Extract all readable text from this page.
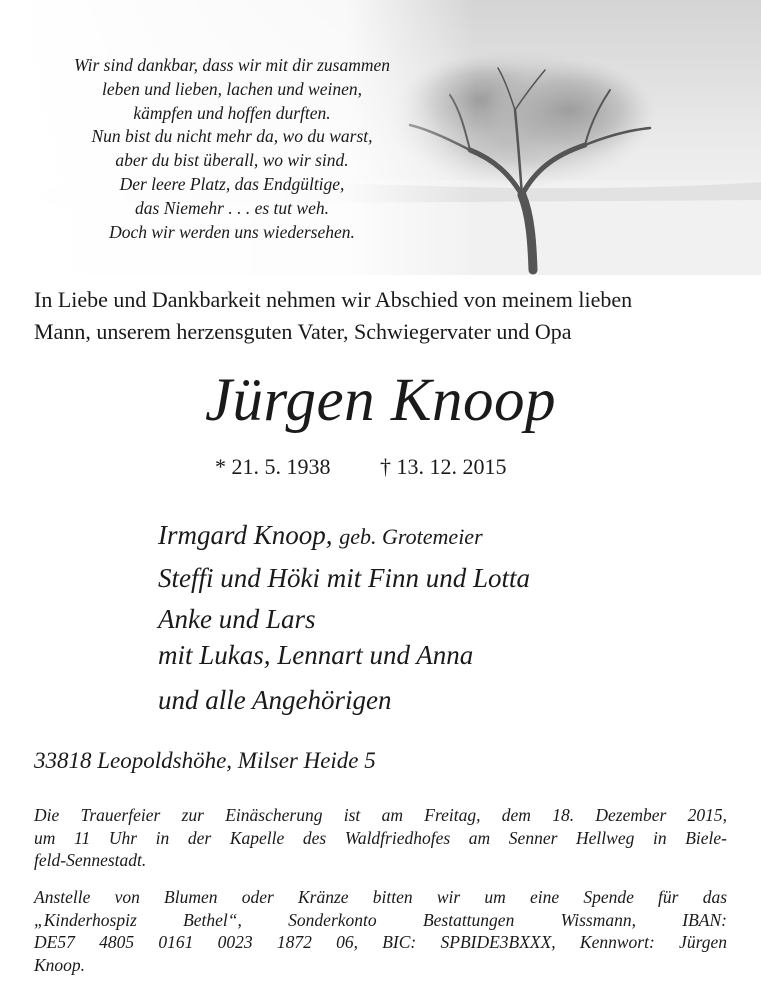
Wir sind dankbar, dass wir mit dir zusammen
leben und lieben, lachen und weinen,
kämpfen und hoffen durften.
Nun bist du nicht mehr da, wo du warst,
aber du bist überall, wo wir sind.
Der leere Platz, das Endgültige,
das Niemehr . . . es tut weh.
Doch wir werden uns wiedersehen.
In Liebe und Dankbarkeit nehmen wir Abschied von meinem lieben
Mann, unserem herzensguten Vater, Schwiegervater und Opa
Jürgen Knoop
* 21. 5. 1938 † 13. 12. 2015
Irmgard Knoop, geb. Grotemeier
Steffi und Höki mit Finn und Lotta
Anke und Lars
mit Lukas, Lennart und Anna
und alle Angehörigen
33818 Leopoldshöhe, Milser Heide 5
Die Trauerfeier zur Einäscherung ist am Freitag, dem 18. Dezember 2015,
um 11 Uhr in der Kapelle des Waldfriedhofes am Senner Hellweg in Biele-
feld-Sennestadt.
Anstelle von Blumen oder Kränze bitten wir um eine Spende für das
„Kinderhospiz Bethel“, Sonderkonto Bestattungen Wissmann, IBAN:
DE57 4805 0161 0023 1872 06, BIC: SPBIDE3BXXX, Kennwort: Jürgen
Knoop.
